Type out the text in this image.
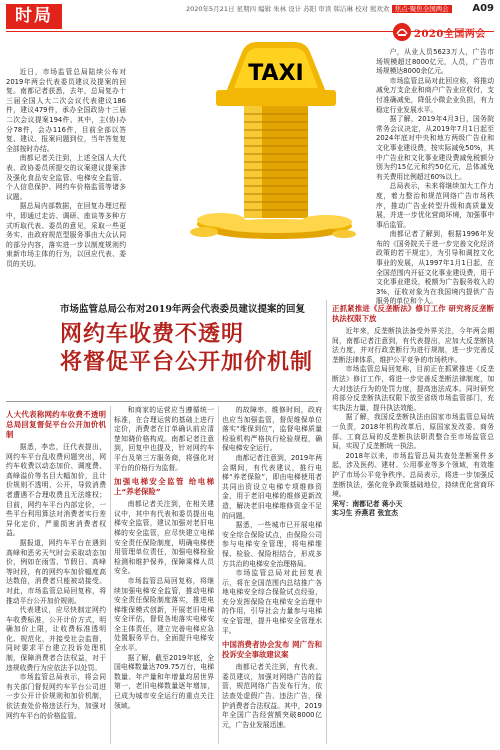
时局	2020年5月21日 星期四 编辑 朱林 设计 苏阳 审读 韩洁琳 校对 熊欢欢 焦点·聚焦全国两会 A09
2020全国两会

近日，市场监管总局陆续公布对2019年两会代表委员建议及提案的回复。南都记者获悉，去年，总局复办十三届全国人大二次会议代表建议186件，建议479件，承办全国政协十三届二次会议提案194件。其中，主(协)办分78件，会办116件，目前全部以答复、建议、报案问题到位，当年答复复全部按时办结。

南都记者关注到，上述全国人大代表、政协委员所提交的议案建议提案涉及强化食品安全监管、电梯安全监管、个人信息保护、网约车价格监管等诸多议题。

据总局内部数据，在回复办理过程中，即通过走访、调研、座谈等多种方式听取代表、委员的意见，采取一些更务实、由政府规范型服务事由大众认同的部分内容，落实进一步以制度规则约束新市场主体的行为，以回应代表、委员的关切。

TAXI

户，从业人员5623万人，广告市场规模超过8000亿元，人员，广告市场规模达8000余亿元。

市场监管总局对此回应称，将推动减免万支企业和商户广告业应收付，支付准确减免，降低小微企业负担，有力稳定行业发展水平。

据了解，2019年4月3日，国务院常务会议决定，从2019年7月1日起至2024年底对中央和地方两级广告业和文化事业建设费，按实际减免50%，其中广告业和文化事业建设费减免税额分别为约15亿元和约50亿元，总体减免有关费用比例超过60%以上。

总局表示，未来将继续加大工作力度，着力整治和规范网络广告市场秩序，推动广告业转型升级和高质量发展，并进一步优化营商环境，加强事中事后监管。

南都记者了解到，根据1996年发布的《国务院关于进一步完善文化经济政策的若干规定》，为引导和调控文化事业的发展，从1997年1月1日起，在全国范围内开征文化事业建设费，用于文化事业建设，税额为广告服务收入的3%，征收对象为在我国境内提供广告服务的单位和个人。

市场监管总局公布对2019年两会代表委员建议提案的回复
网约车收费不透明
将督促平台公开加价机制
人大代表称网约车收费不透明 总局回复督促平台公开加价机制

据悉，李忠，汪代表提出，网约车平台乱收费问题突出，网约车收费以动态加价、调度费、高峰溢价等名目大幅加价，且计价规则不透明、公开，导致消费者遭遇不合理收费且无法维权；目前，网约车平台内部定价，一些平台利用算法对消费者实行差异化定价，严重损害消费者权益。

据报道，网约车平台在遇到高峰和恶劣天气时会采取动态加价，例如在雨雪、节假日、高峰等时段，有的网约车加价幅度高达数倍，消费者只能被动接受。对此，市场监管总局回复称，将推动平台公开加价规则。

代表建议，应尽快制定网约车收费标准，公开计价方式，明确加价上限，让收费标准透明化、规范化，并接受社会监督，同时要求平台建立投诉处理机制，保障消费者合法权益，对于违规收费行为应依法予以处罚。

市场监管总局表示，将会同有关部门督促网约车平台公司进一步公开计价规则和加价机制，依法查处价格违法行为，加强对网约车平台的价格监管。

和商家的运营应当遵循统一标准，在合理运营的基础上进行定价，消费者在订单确认前应清楚知晓价格构成。南都记者注意到，回复中也提及，针对网约车平台及第三方服务商，将强化对平台的价格行为监督。

加强电梯安全监管 给电梯上“养老保险”

南都记者关注到，在相关建议中，其中有代表和委员提出电梯安全监管，建议加强对老旧电梯的安全监管，应尽快建立电梯安全责任保险制度，明确电梯使用管理单位责任，加强电梯检验检测和维护保养，保障乘梯人员安全。

市场监管总局回复称，将继续加强电梯安全监管，推动电梯安全责任保险制度落实，推进电梯维保模式创新，开展老旧电梯安全评估，督促各地落实电梯安全主体责任，建立完善电梯应急处置服务平台，全面提升电梯安全水平。

据了解，截至2019年底，全国电梯数量达709.75万台，电梯数量、年产量和年增量均居世界第一，老旧电梯数量逐年增加，已成为城市安全运行的重点关注领域。

的故障率、维修时间，政府也应当加强监管，督促维保单位落实“维保到位”，监督电梯质量检验机构严格执行检验规程，确保电梯安全运行。

南都记者注意到，2019年两会期间，有代表建议，推行电梯“养老保险”，即由电梯使用者共同出资设立电梯专项维修资金，用于老旧电梯的维修更新改造，解决老旧电梯维修资金不足的问题。

据悉，一些城市已开展电梯安全综合保险试点，由保险公司参与电梯安全管理，将电梯维保、检验、保险相结合，形成多方共治的电梯安全治理格局。

市场监管总局对此回复表示，将在全国范围内总结推广各地电梯安全综合保险试点经验，充分发挥保险在电梯安全治理中的作用，引导社会力量参与电梯安全管理，提升电梯安全管理水平。

中国消费者协会发布 网广告和投诉安全事故建议案

南都记者关注到，有代表、委员建议，加强对网络广告的监管，规范网络广告发布行为，依法查处虚假广告、违法广告，保护消费者合法权益。其中，2019年全国广告经营额突破8000亿元，广告业发展迅速。

正抓紧推进《反垄断法》修订工作 研究将反垄断执法权限下放

近年来，反垄断执法备受外界关注，今年两会期间，南都记者注意到，有代表提出，应加大反垄断执法力度，并对行政垄断行为进行规制，进一步完善反垄断法律体系，维护公平竞争的市场秩序。

市场监管总局回复称，目前正在抓紧推进《反垄断法》修订工作，将进一步完善反垄断法律制度，加大对违法行为的处罚力度，提高违法成本。同时研究将部分反垄断执法权限下放至省级市场监管部门，充实执法力量，提升执法效能。

据了解，我国反垄断执法由国家市场监管总局统一负责，2018年机构改革后，原国家发改委、商务部、工商总局的反垄断执法职责整合至市场监管总局，实现了反垄断统一执法。

2018年以来，市场监管总局共查处垄断案件多起，涉及医药、建材、公用事业等多个领域，有效维护了市场公平竞争秩序。总局表示，将进一步加强反垄断执法，强化竞争政策基础地位，持续优化营商环境。

采写：南都记者 蒋小天

实习生 乔燕君 张宜杰
